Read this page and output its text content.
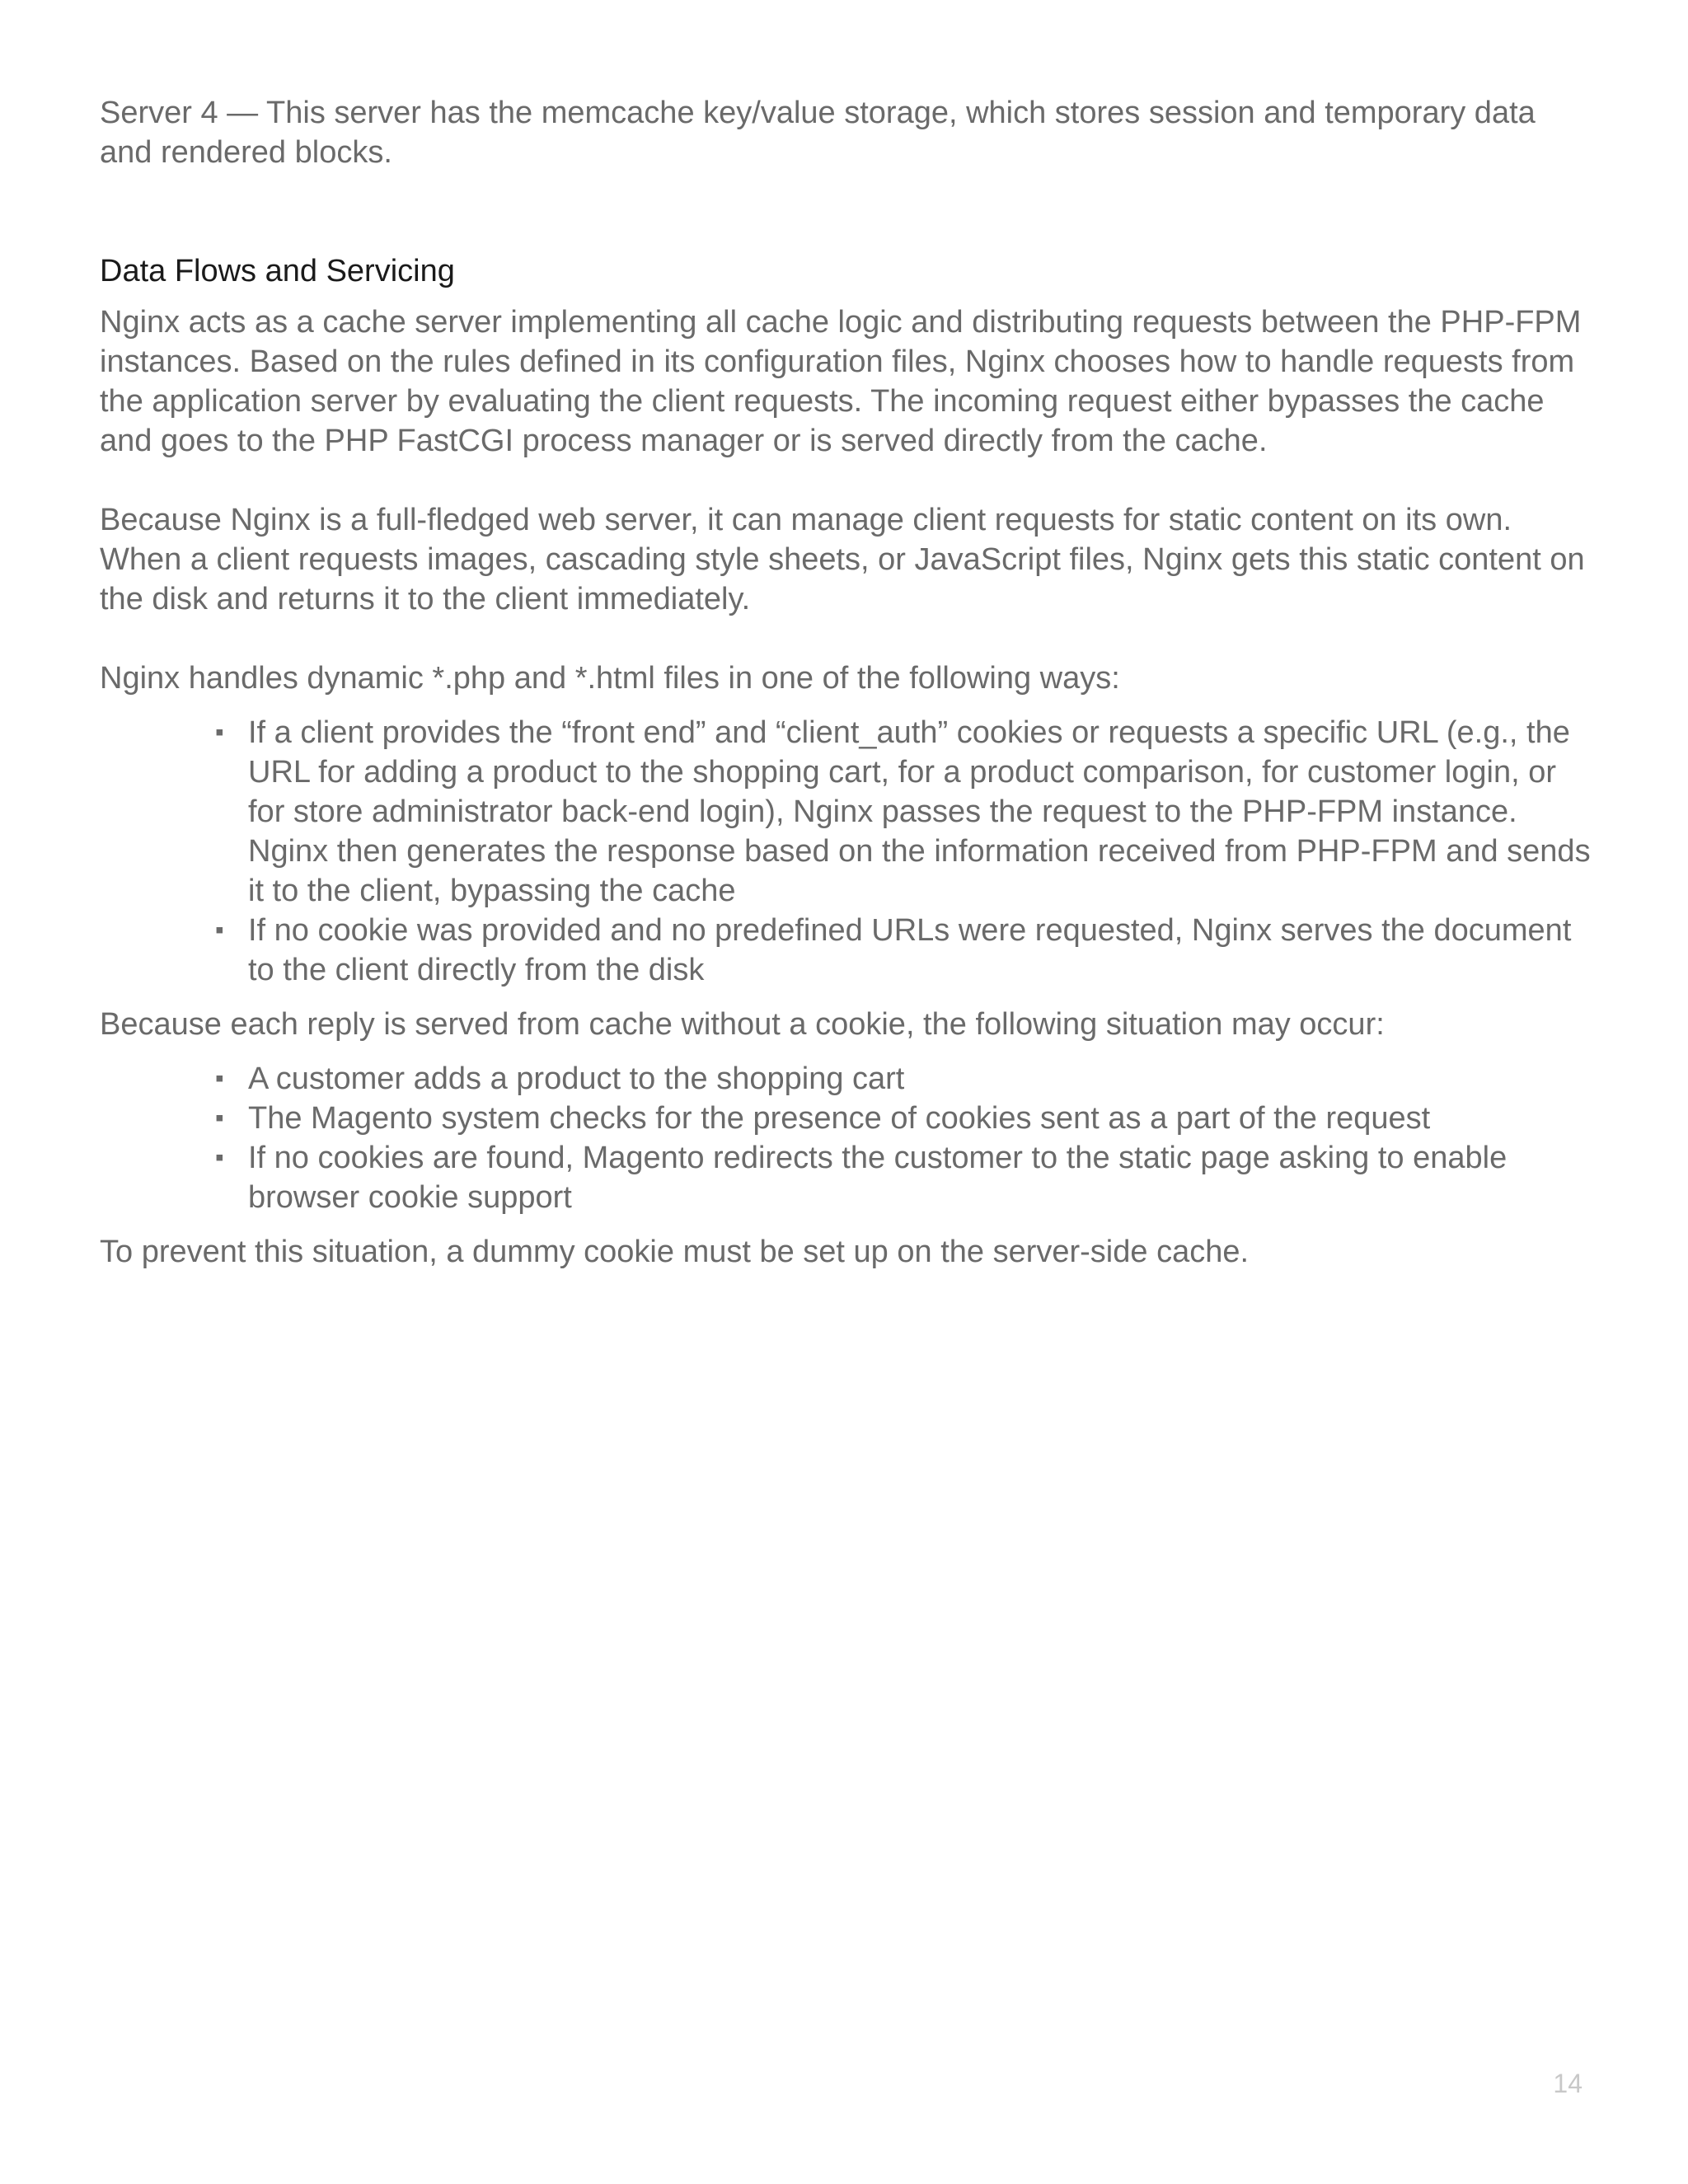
Server 4 — This server has the memcache key/value storage, which stores session and temporary data and rendered blocks.

Data Flows and Servicing

Nginx acts as a cache server implementing all cache logic and distributing requests between the PHP-FPM instances. Based on the rules defined in its configuration files, Nginx chooses how to handle requests from the application server by evaluating the client requests. The incoming request either bypasses the cache and goes to the PHP FastCGI process manager or is served directly from the cache.

Because Nginx is a full-fledged web server, it can manage client requests for static content on its own. When a client requests images, cascading style sheets, or JavaScript files, Nginx gets this static content on the disk and returns it to the client immediately.

Nginx handles dynamic *.php and *.html files in one of the following ways:

▪ If a client provides the “front end” and “client_auth” cookies or requests a specific URL (e.g., the URL for adding a product to the shopping cart, for a product comparison, for customer login, or for store administrator back-end login), Nginx passes the request to the PHP-FPM instance. Nginx then generates the response based on the information received from PHP-FPM and sends it to the client, bypassing the cache
▪ If no cookie was provided and no predefined URLs were requested, Nginx serves the document to the client directly from the disk

Because each reply is served from cache without a cookie, the following situation may occur:

▪ A customer adds a product to the shopping cart
▪ The Magento system checks for the presence of cookies sent as a part of the request
▪ If no cookies are found, Magento redirects the customer to the static page asking to enable browser cookie support

To prevent this situation, a dummy cookie must be set up on the server-side cache.

14
